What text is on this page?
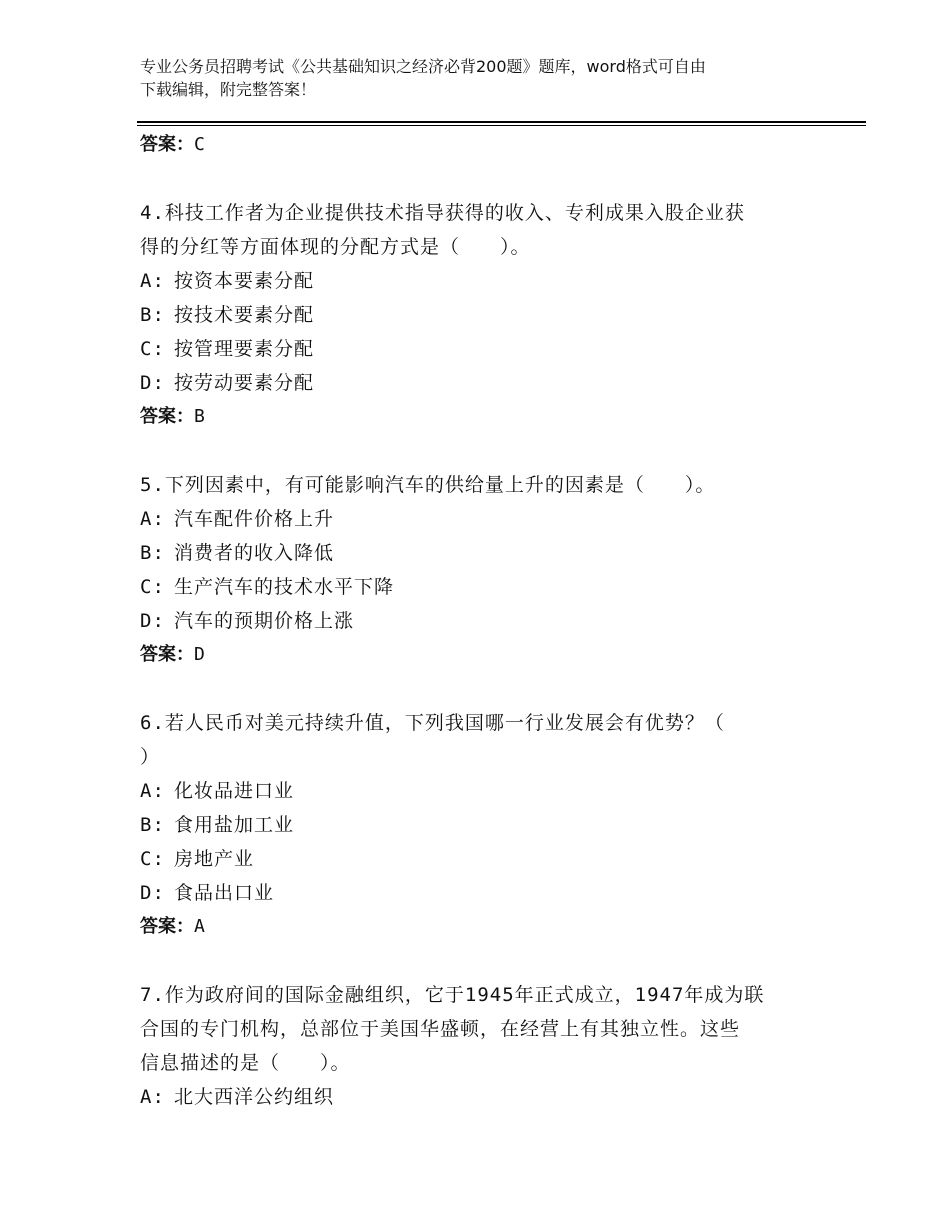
专业公务员招聘考试《公共基础知识之经济必背200题》题库，word格式可自由
下载编辑，附完整答案！
答案：C
4.科技工作者为企业提供技术指导获得的收入、专利成果入股企业获
得的分红等方面体现的分配方式是（　　）。
A: 按资本要素分配
B: 按技术要素分配
C: 按管理要素分配
D: 按劳动要素分配
答案：B
5.下列因素中，有可能影响汽车的供给量上升的因素是（　　）。
A: 汽车配件价格上升
B: 消费者的收入降低
C: 生产汽车的技术水平下降
D: 汽车的预期价格上涨
答案：D
6.若人民币对美元持续升值，下列我国哪一行业发展会有优势？（
）
A: 化妆品进口业
B: 食用盐加工业
C: 房地产业
D: 食品出口业
答案：A
7.作为政府间的国际金融组织，它于1945年正式成立，1947年成为联
合国的专门机构，总部位于美国华盛顿，在经营上有其独立性。这些
信息描述的是（　　）。
A: 北大西洋公约组织
